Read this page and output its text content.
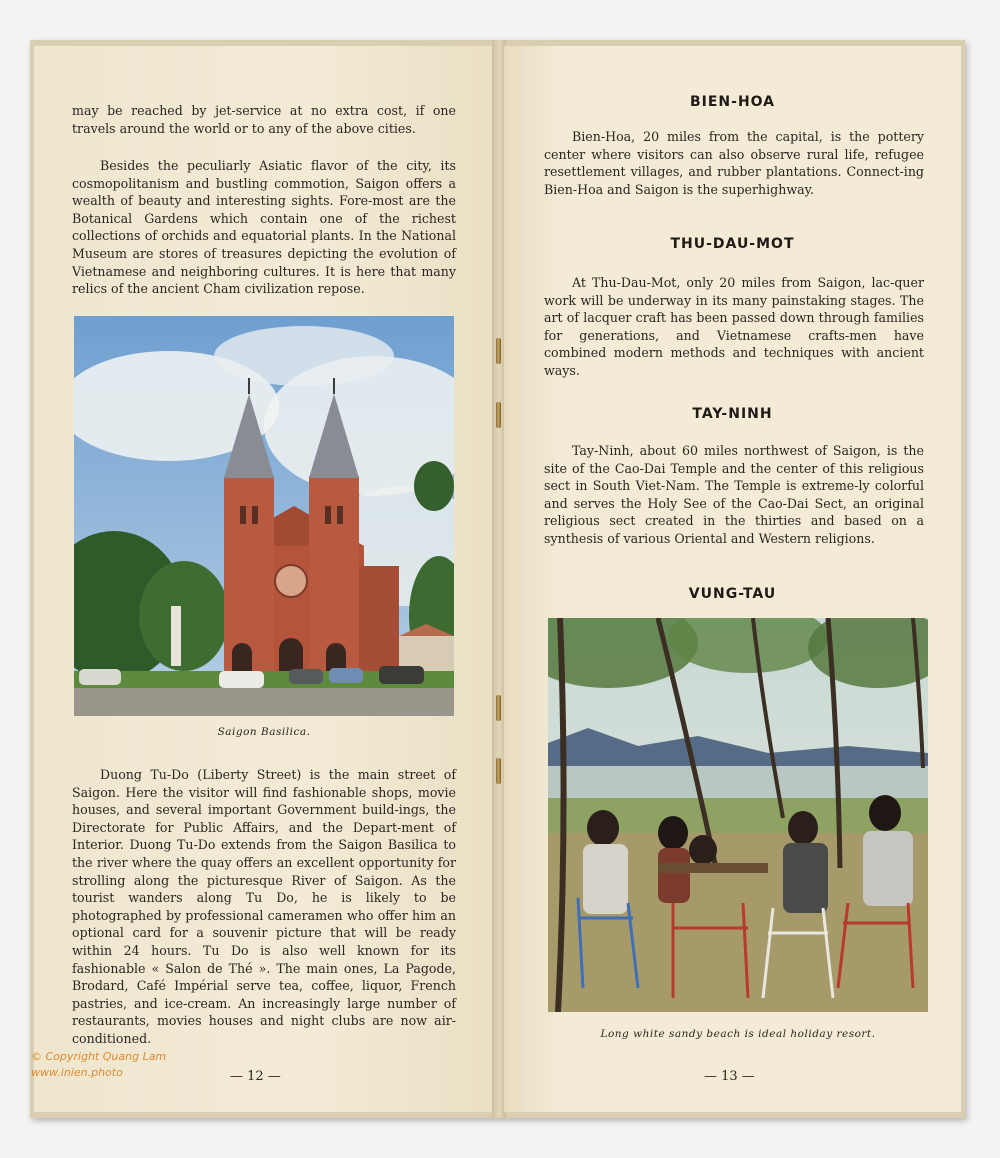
may be reached by jet-service at no extra cost, if one travels around the world or to any of the above cities.

Besides the peculiarly Asiatic flavor of the city, its cosmopolitanism and bustling commotion, Saigon offers a wealth of beauty and interesting sights. Fore-most are the Botanical Gardens which contain one of the richest collections of orchids and equatorial plants. In the National Museum are stores of treasures depicting the evolution of Vietnamese and neighboring cultures. It is here that many relics of the ancient Cham civilization repose.

Saigon Basilica.

Duong Tu-Do (Liberty Street) is the main street of Saigon. Here the visitor will find fashionable shops, movie houses, and several important Government build-ings, the Directorate for Public Affairs, and the Depart-ment of Interior. Duong Tu-Do extends from the Saigon Basilica to the river where the quay offers an excellent opportunity for strolling along the picturesque River of Saigon. As the tourist wanders along Tu Do, he is likely to be photographed by professional cameramen who offer him an optional card for a souvenir picture that will be ready within 24 hours. Tu Do is also well known for its fashionable « Salon de Thé ». The main ones, La Pagode, Brodard, Café Impérial serve tea, coffee, liquor, French pastries, and ice-cream. An increasingly large number of restaurants, movies houses and night clubs are now air-conditioned.

— 12 —

BIEN-HOA

Bien-Hoa, 20 miles from the capital, is the pottery center where visitors can also observe rural life, refugee resettlement villages, and rubber plantations. Connect-ing Bien-Hoa and Saigon is the superhighway.

THU-DAU-MOT

At Thu-Dau-Mot, only 20 miles from Saigon, lac-quer work will be underway in its many painstaking stages. The art of lacquer craft has been passed down through families for generations, and Vietnamese crafts-men have combined modern methods and techniques with ancient ways.

TAY-NINH

Tay-Ninh, about 60 miles northwest of Saigon, is the site of the Cao-Dai Temple and the center of this religious sect in South Viet-Nam. The Temple is extreme-ly colorful and serves the Holy See of the Cao-Dai Sect, an original religious sect created in the thirties and based on a synthesis of various Oriental and Western religions.

VUNG-TAU

Long white sandy beach is ideal holiday resort.

— 13 —

© Copyright Quang Lam

www.inien.photo
